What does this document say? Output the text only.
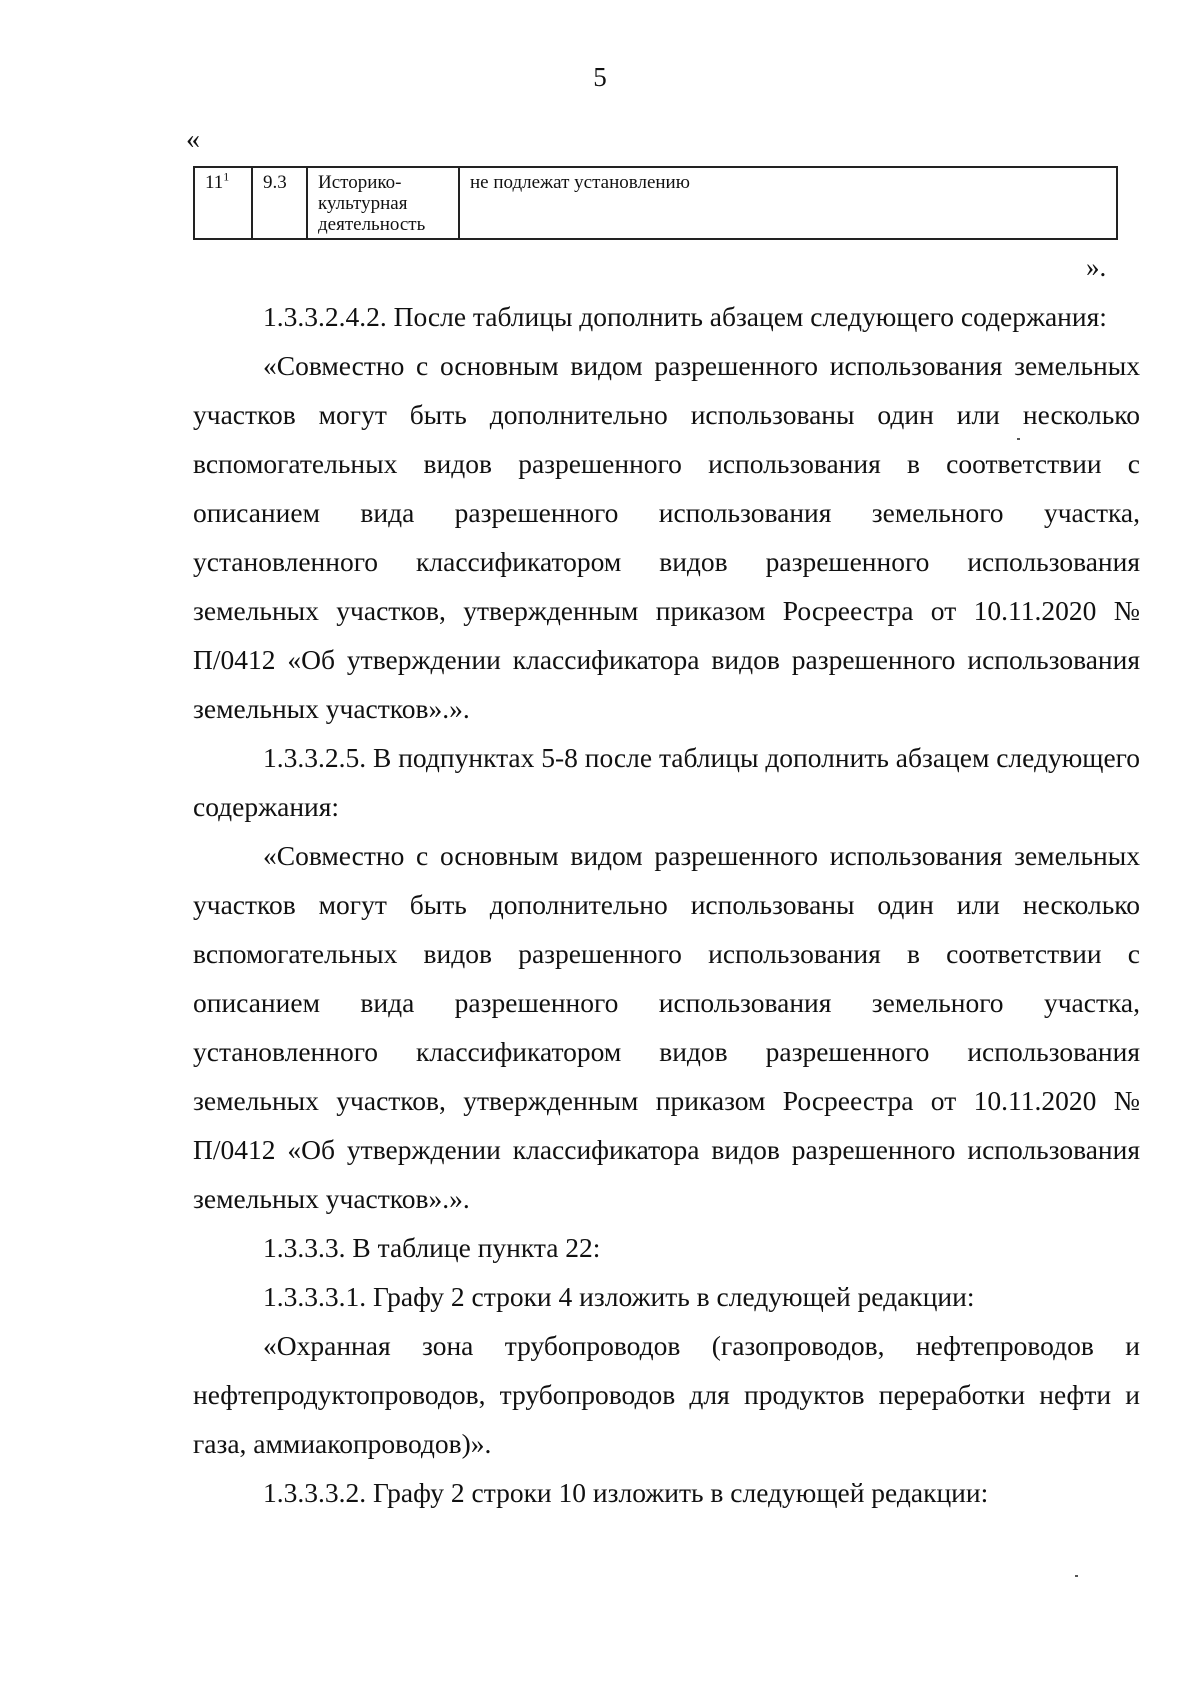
5
«
$11^1$	9.3	Историко-культурная деятельность	не подлежат установлению
».

1.3.3.2.4.2. После таблицы дополнить абзацем следующего содержания:

«Совместно с основным видом разрешенного использования земельных участков могут быть дополнительно использованы один или несколько вспомогательных видов разрешенного использования в соответствии с описанием вида разрешенного использования земельного участка, установленного классификатором видов разрешенного использования земельных участков, утвержденным приказом Росреестра от 10.11.2020 № П/0412 «Об утверждении классификатора видов разрешенного использования земельных участков».».

1.3.3.2.5. В подпунктах 5-8 после таблицы дополнить абзацем следующего содержания:

«Совместно с основным видом разрешенного использования земельных участков могут быть дополнительно использованы один или несколько вспомогательных видов разрешенного использования в соответствии с описанием вида разрешенного использования земельного участка, установленного классификатором видов разрешенного использования земельных участков, утвержденным приказом Росреестра от 10.11.2020 № П/0412 «Об утверждении классификатора видов разрешенного использования земельных участков».».

1.3.3.3. В таблице пункта 22:

1.3.3.3.1. Графу 2 строки 4 изложить в следующей редакции:

«Охранная зона трубопроводов (газопроводов, нефтепроводов и нефтепродуктопроводов, трубопроводов для продуктов переработки нефти и газа, аммиакопроводов)».

1.3.3.3.2. Графу 2 строки 10 изложить в следующей редакции:
